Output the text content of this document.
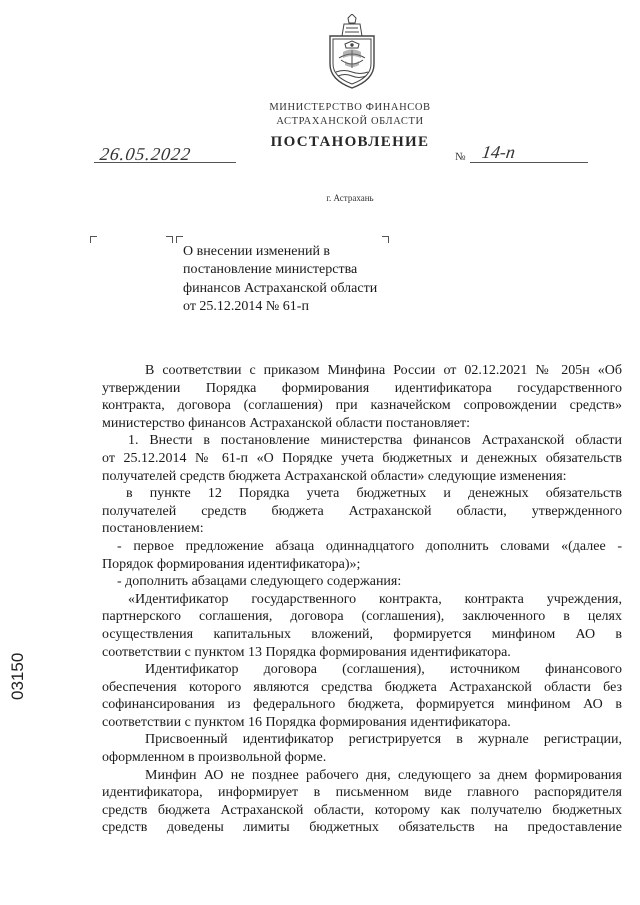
МИНИСТЕРСТВО ФИНАНСОВ
АСТРАХАНСКОЙ ОБЛАСТИ
ПОСТАНОВЛЕНИЕ
26.05.2022	№ 14-п
г. Астрахань
О внесении изменений в
постановление министерства
финансов Астраханской области
от 25.12.2014 № 61-п

В соответствии с приказом Минфина России от 02.12.2021 № 205н «Об

утверждении Порядка формирования идентификатора государственного

контракта, договора (соглашения) при казначейском сопровождении средств»

министерство финансов Астраханской области постановляет:

1. Внести в постановление министерства финансов Астраханской области

от 25.12.2014 № 61-п «О Порядке учета бюджетных и денежных обязательств

получателей средств бюджета Астраханской области» следующие изменения:

в пункте 12 Порядка учета бюджетных и денежных обязательств

получателей средств бюджета Астраханской области, утвержденного

постановлением:

- первое предложение абзаца одиннадцатого дополнить словами «(далее -

Порядок формирования идентификатора)»;

- дополнить абзацами следующего содержания:

«Идентификатор государственного контракта, контракта учреждения,

партнерского соглашения, договора (соглашения), заключенного в целях

осуществления капитальных вложений, формируется минфином АО в

соответствии с пунктом 13 Порядка формирования идентификатора.

Идентификатор договора (соглашения), источником финансового

обеспечения которого являются средства бюджета Астраханской области без

софинансирования из федерального бюджета, формируется минфином АО в

соответствии с пунктом 16 Порядка формирования идентификатора.

Присвоенный идентификатор регистрируется в журнале регистрации,

оформленном в произвольной форме.

Минфин АО не позднее рабочего дня, следующего за днем формирования

идентификатора, информирует в письменном виде главного распорядителя

средств бюджета Астраханской области, которому как получателю бюджетных

средств доведены лимиты бюджетных обязательств на предоставление

03150
